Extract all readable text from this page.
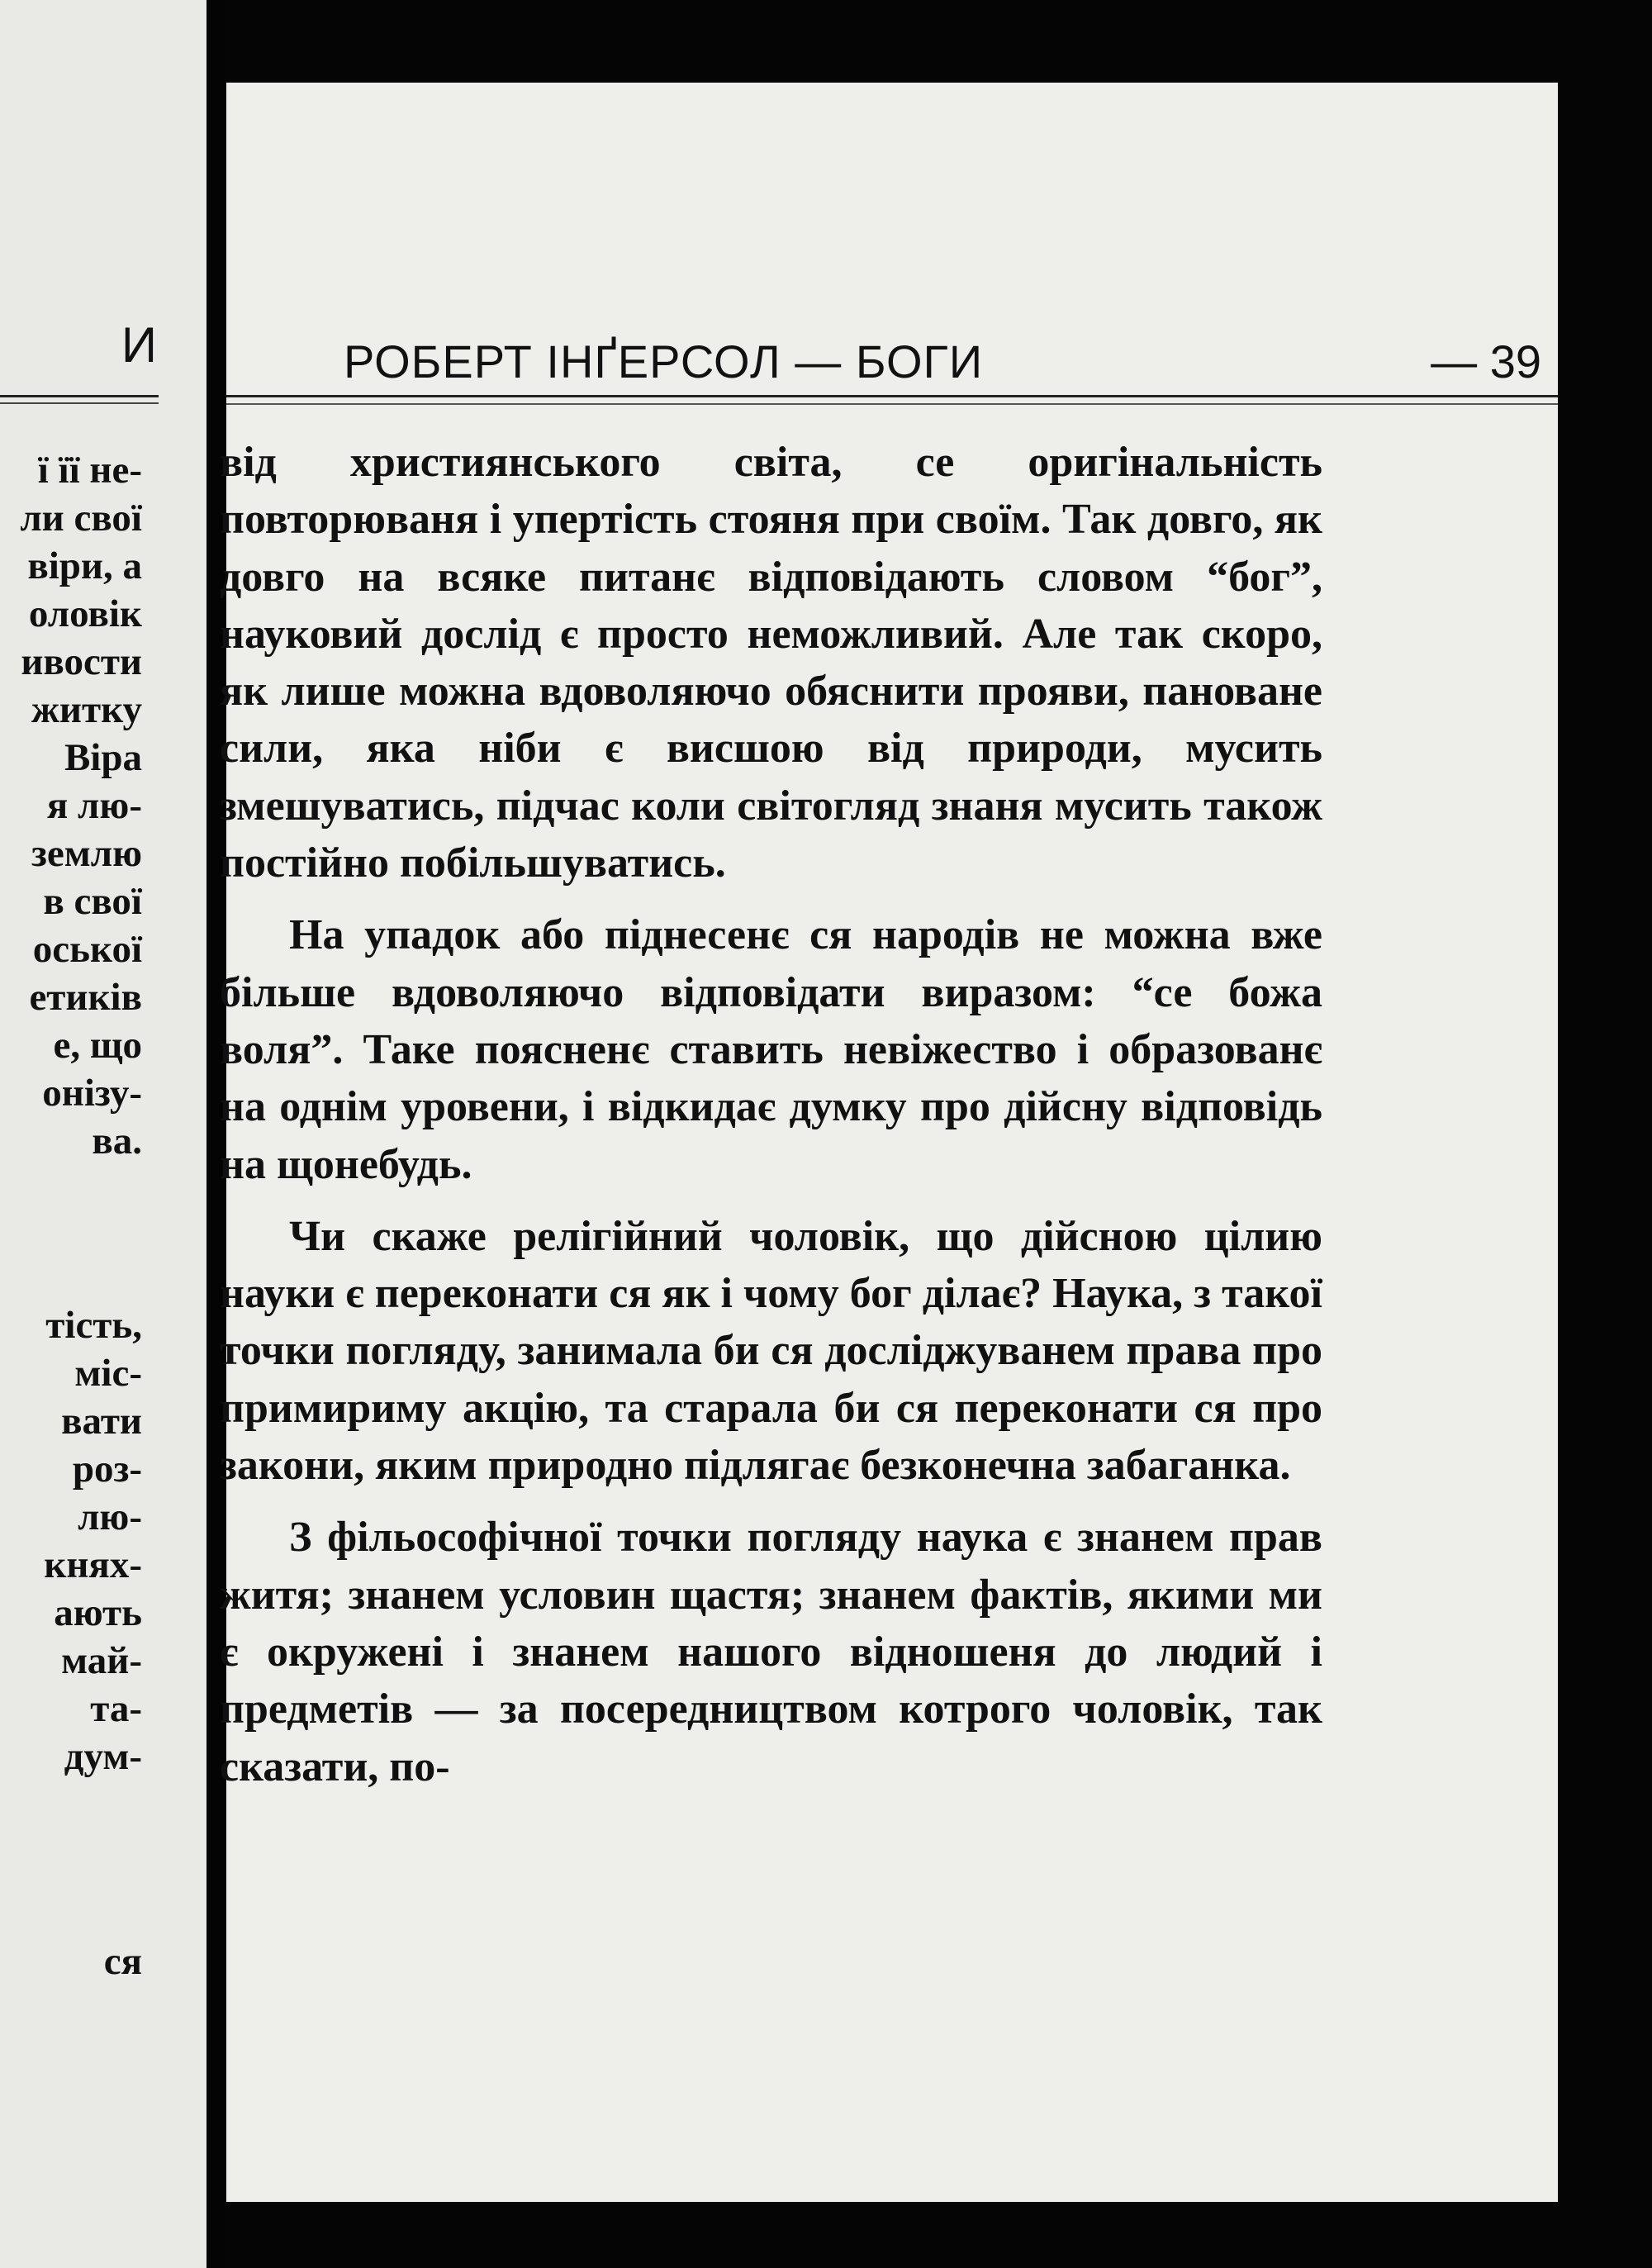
И
ї її не-
ли свої
віри, а
оловік
ивости
житку
Віра
я лю-
землю
в свої
оської
етиків
е, що
онізу-
ва.
тість,
міс-
вати
роз-
лю-
княх-
ають
май-
та-
дум-
ся
РОБЕРТ ІНҐЕРСОЛ — БОГИ	— 39

від християнського світа, се оригінальність повторюваня і упертість стояня при своїм. Так довго, як довго на всяке питанє відповідають словом “бог”, науковий дослід є просто неможливий. Але так скоро, як лише можна вдоволяючо обяснити прояви, пановане сили, яка ніби є висшою від природи, мусить змешуватись, підчас коли світогляд знаня мусить також постійно побільшуватись.

На упадок або піднесенє ся народів не можна вже більше вдоволяючо відповідати виразом: “се божа воля”. Таке поясненє ставить невіжество і образованє на однім уровени, і відкидає думку про дійсну відповідь на щонебудь.

Чи скаже релігійний чоловік, що дійсною цілию науки є переконати ся як і чому бог ділає? Наука, з такої точки погляду, занимала би ся досліджуванем права про примириму акцію, та старала би ся переконати ся про закони, яким природно підлягає безконечна забаганка.

З фільософічної точки погляду наука є знанем прав житя; знанем условин щастя; знанем фактів, якими ми є окружені і знанем нашого відношеня до людий і предметів — за посередництвом котрого чоловік, так сказати, по-
